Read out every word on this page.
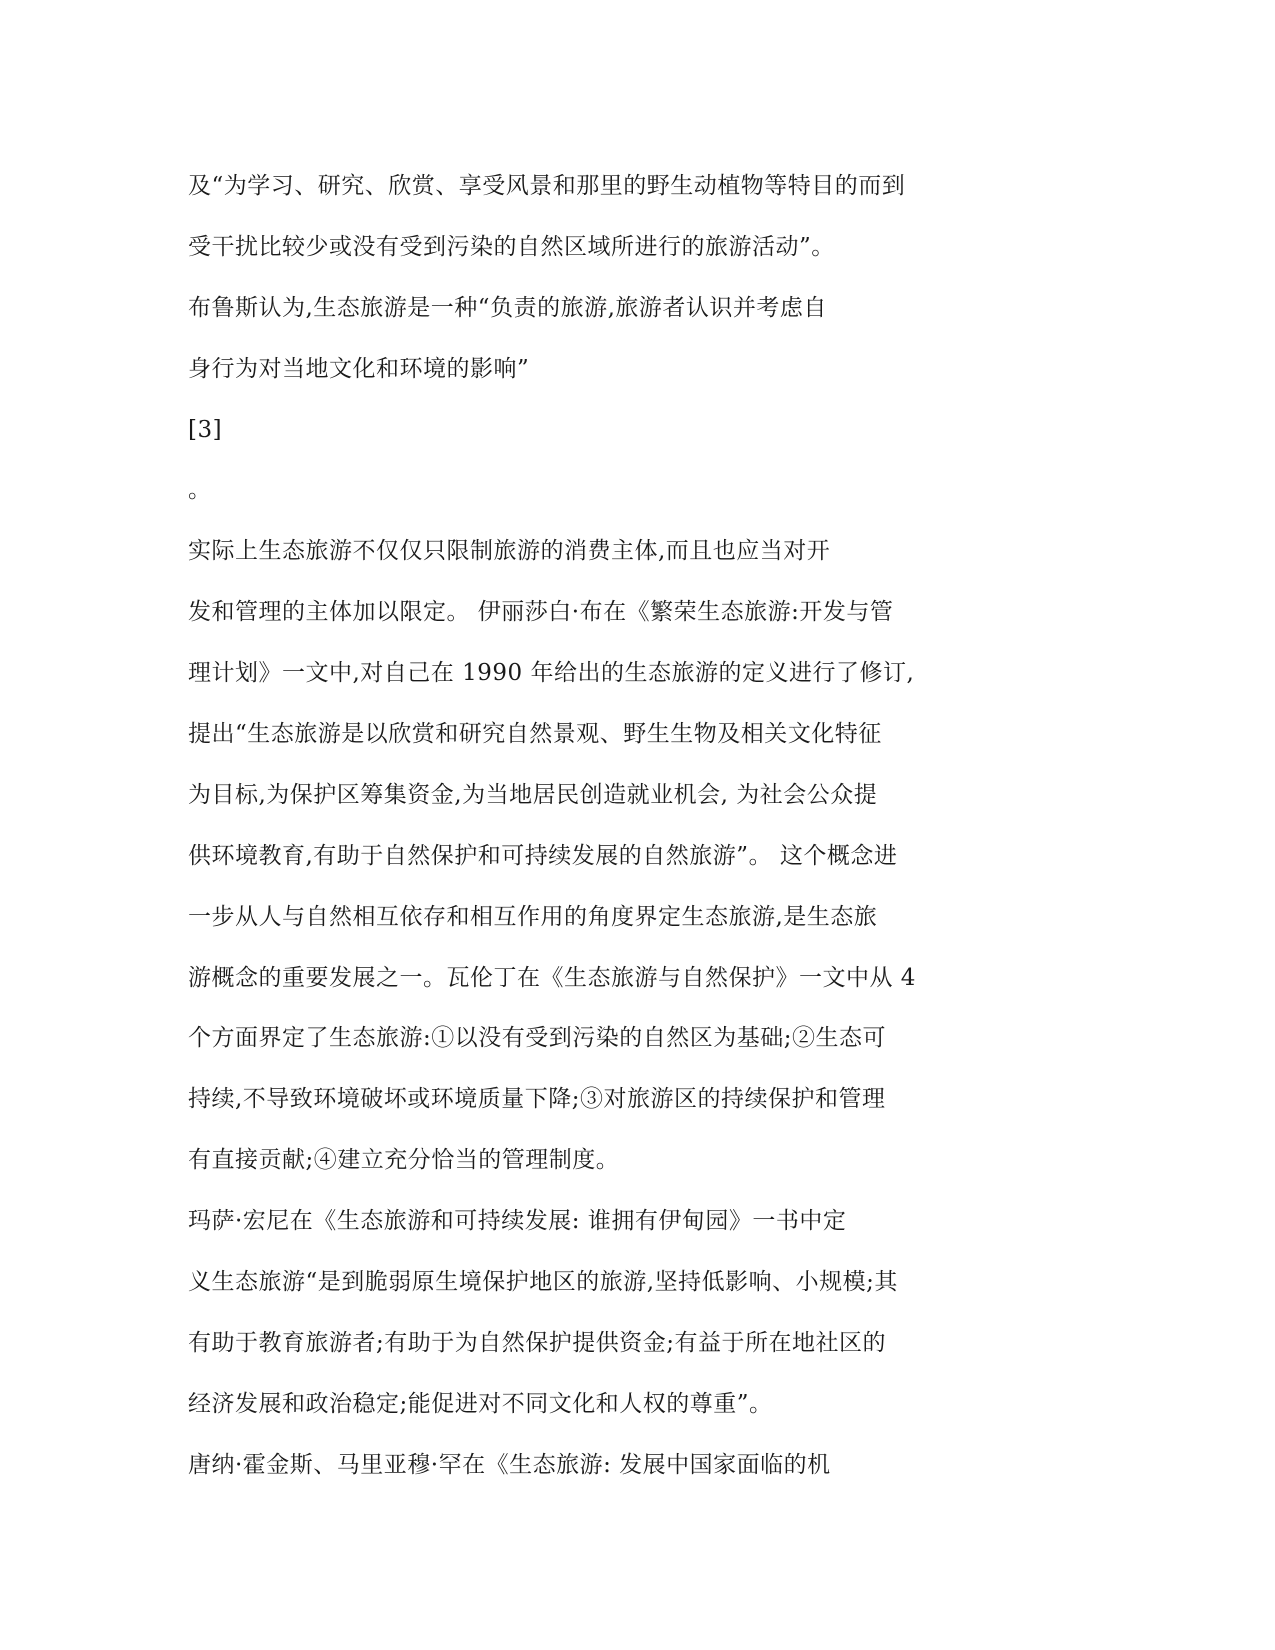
及“为学习、研究、欣赏、享受风景和那里的野生动植物等特目的而到

受干扰比较少或没有受到污染的自然区域所进行的旅游活动”。

布鲁斯认为,生态旅游是一种“负责的旅游,旅游者认识并考虑自

身行为对当地文化和环境的影响”

[3]

。

实际上生态旅游不仅仅只限制旅游的消费主体,而且也应当对开

发和管理的主体加以限定。 伊丽莎白·布在《繁荣生态旅游:开发与管

理计划》一文中,对自己在 1990 年给出的生态旅游的定义进行了修订,

提出“生态旅游是以欣赏和研究自然景观、野生生物及相关文化特征

为目标,为保护区筹集资金,为当地居民创造就业机会, 为社会公众提

供环境教育,有助于自然保护和可持续发展的自然旅游”。 这个概念进

一步从人与自然相互依存和相互作用的角度界定生态旅游,是生态旅

游概念的重要发展之一。瓦伦丁在《生态旅游与自然保护》一文中从 4

个方面界定了生态旅游:①以没有受到污染的自然区为基础;②生态可

持续,不导致环境破坏或环境质量下降;③对旅游区的持续保护和管理

有直接贡献;④建立充分恰当的管理制度。

玛萨·宏尼在《生态旅游和可持续发展: 谁拥有伊甸园》一书中定

义生态旅游“是到脆弱原生境保护地区的旅游,坚持低影响、小规模;其

有助于教育旅游者;有助于为自然保护提供资金;有益于所在地社区的

经济发展和政治稳定;能促进对不同文化和人权的尊重”。

唐纳·霍金斯、马里亚穆·罕在《生态旅游: 发展中国家面临的机
